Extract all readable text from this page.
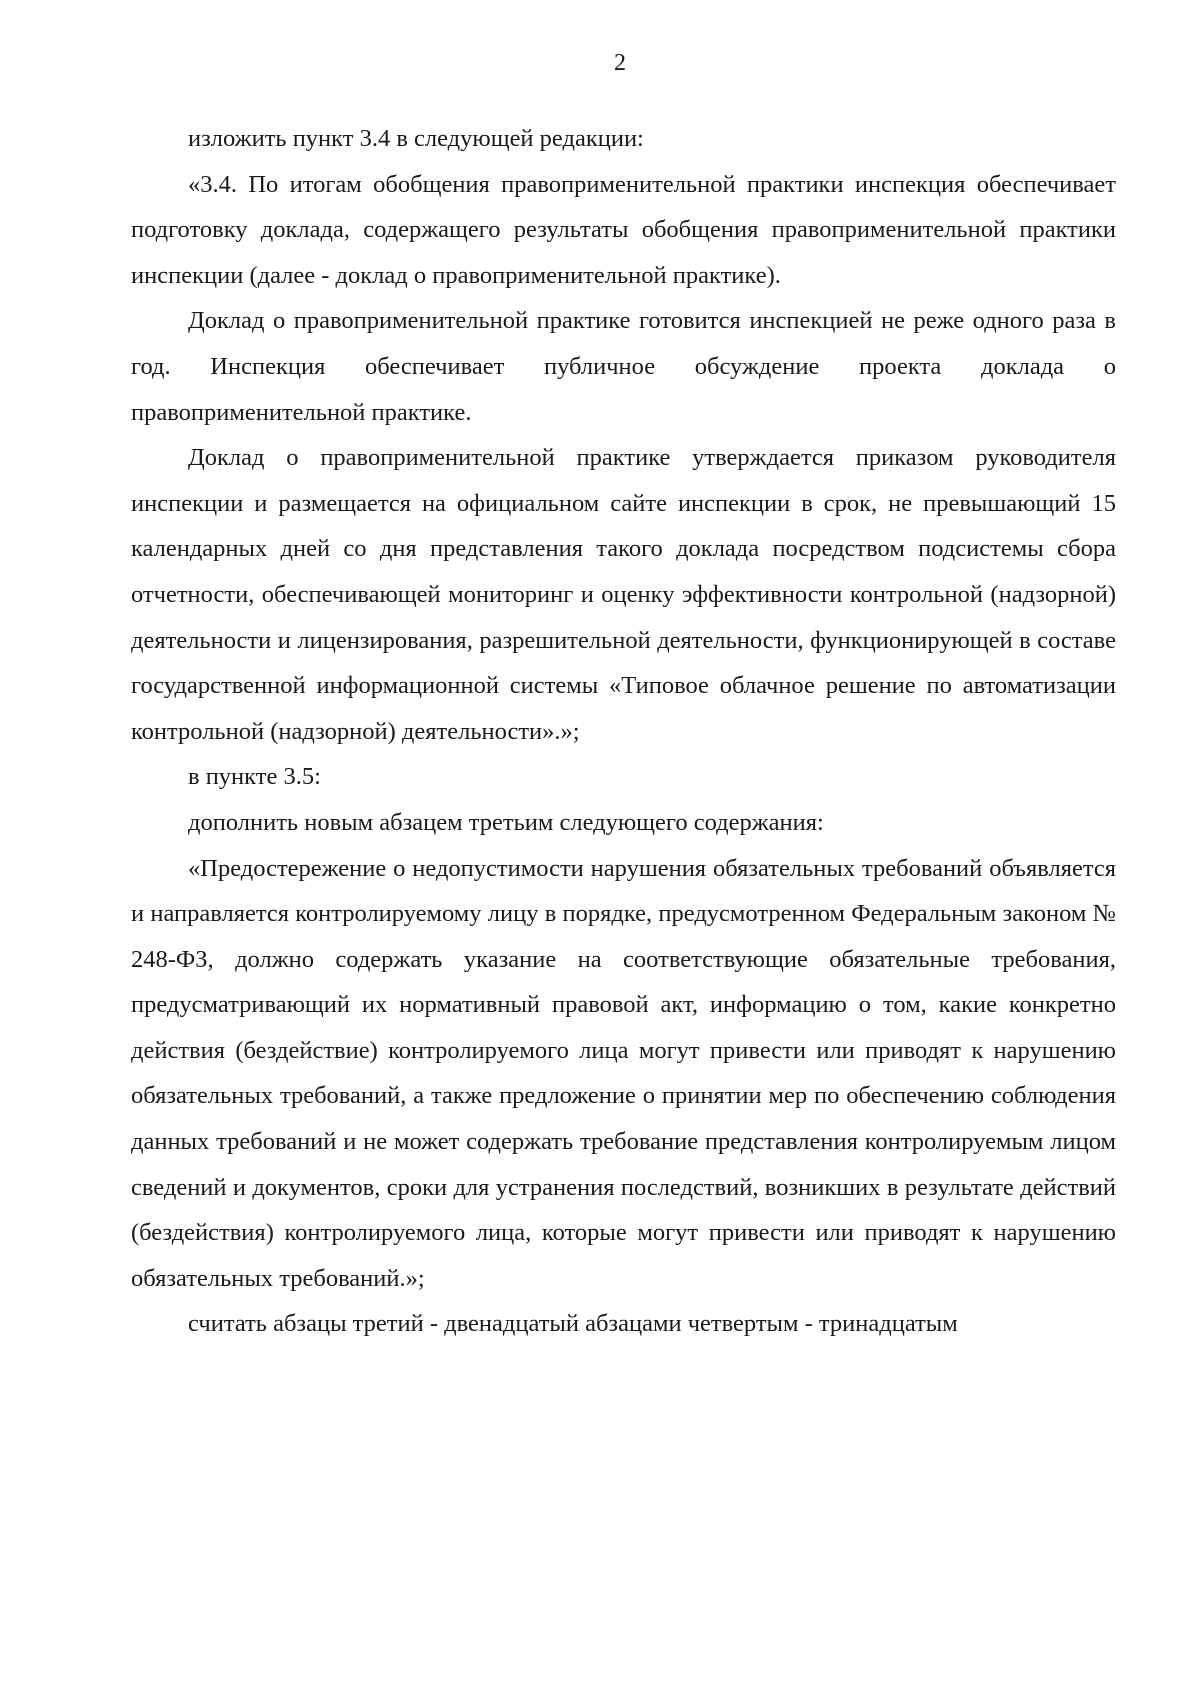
2

изложить пункт 3.4 в следующей редакции:

«3.4. По итогам обобщения правоприменительной практики инспекция обеспечивает подготовку доклада, содержащего результаты обобщения правоприменительной практики инспекции (далее - доклад о правоприменительной практике).

Доклад о правоприменительной практике готовится инспекцией не реже одного раза в год. Инспекция обеспечивает публичное обсуждение проекта доклада о правоприменительной практике.

Доклад о правоприменительной практике утверждается приказом руководителя инспекции и размещается на официальном сайте инспекции в срок, не превышающий 15 календарных дней со дня представления такого доклада посредством подсистемы сбора отчетности, обеспечивающей мониторинг и оценку эффективности контрольной (надзорной) деятельности и лицензирования, разрешительной деятельности, функционирующей в составе государственной информационной системы «Типовое облачное решение по автоматизации контрольной (надзорной) деятельности».»;

в пункте 3.5:

дополнить новым абзацем третьим следующего содержания:

«Предостережение о недопустимости нарушения обязательных требований объявляется и направляется контролируемому лицу в порядке, предусмотренном Федеральным законом № 248-ФЗ, должно содержать указание на соответствующие обязательные требования, предусматривающий их нормативный правовой акт, информацию о том, какие конкретно действия (бездействие) контролируемого лица могут привести или приводят к нарушению обязательных требований, а также предложение о принятии мер по обеспечению соблюдения данных требований и не может содержать требование представления контролируемым лицом сведений и документов, сроки для устранения последствий, возникших в результате действий (бездействия) контролируемого лица, которые могут привести или приводят к нарушению обязательных требований.»;

считать абзацы третий - двенадцатый абзацами четвертым - тринадцатым
